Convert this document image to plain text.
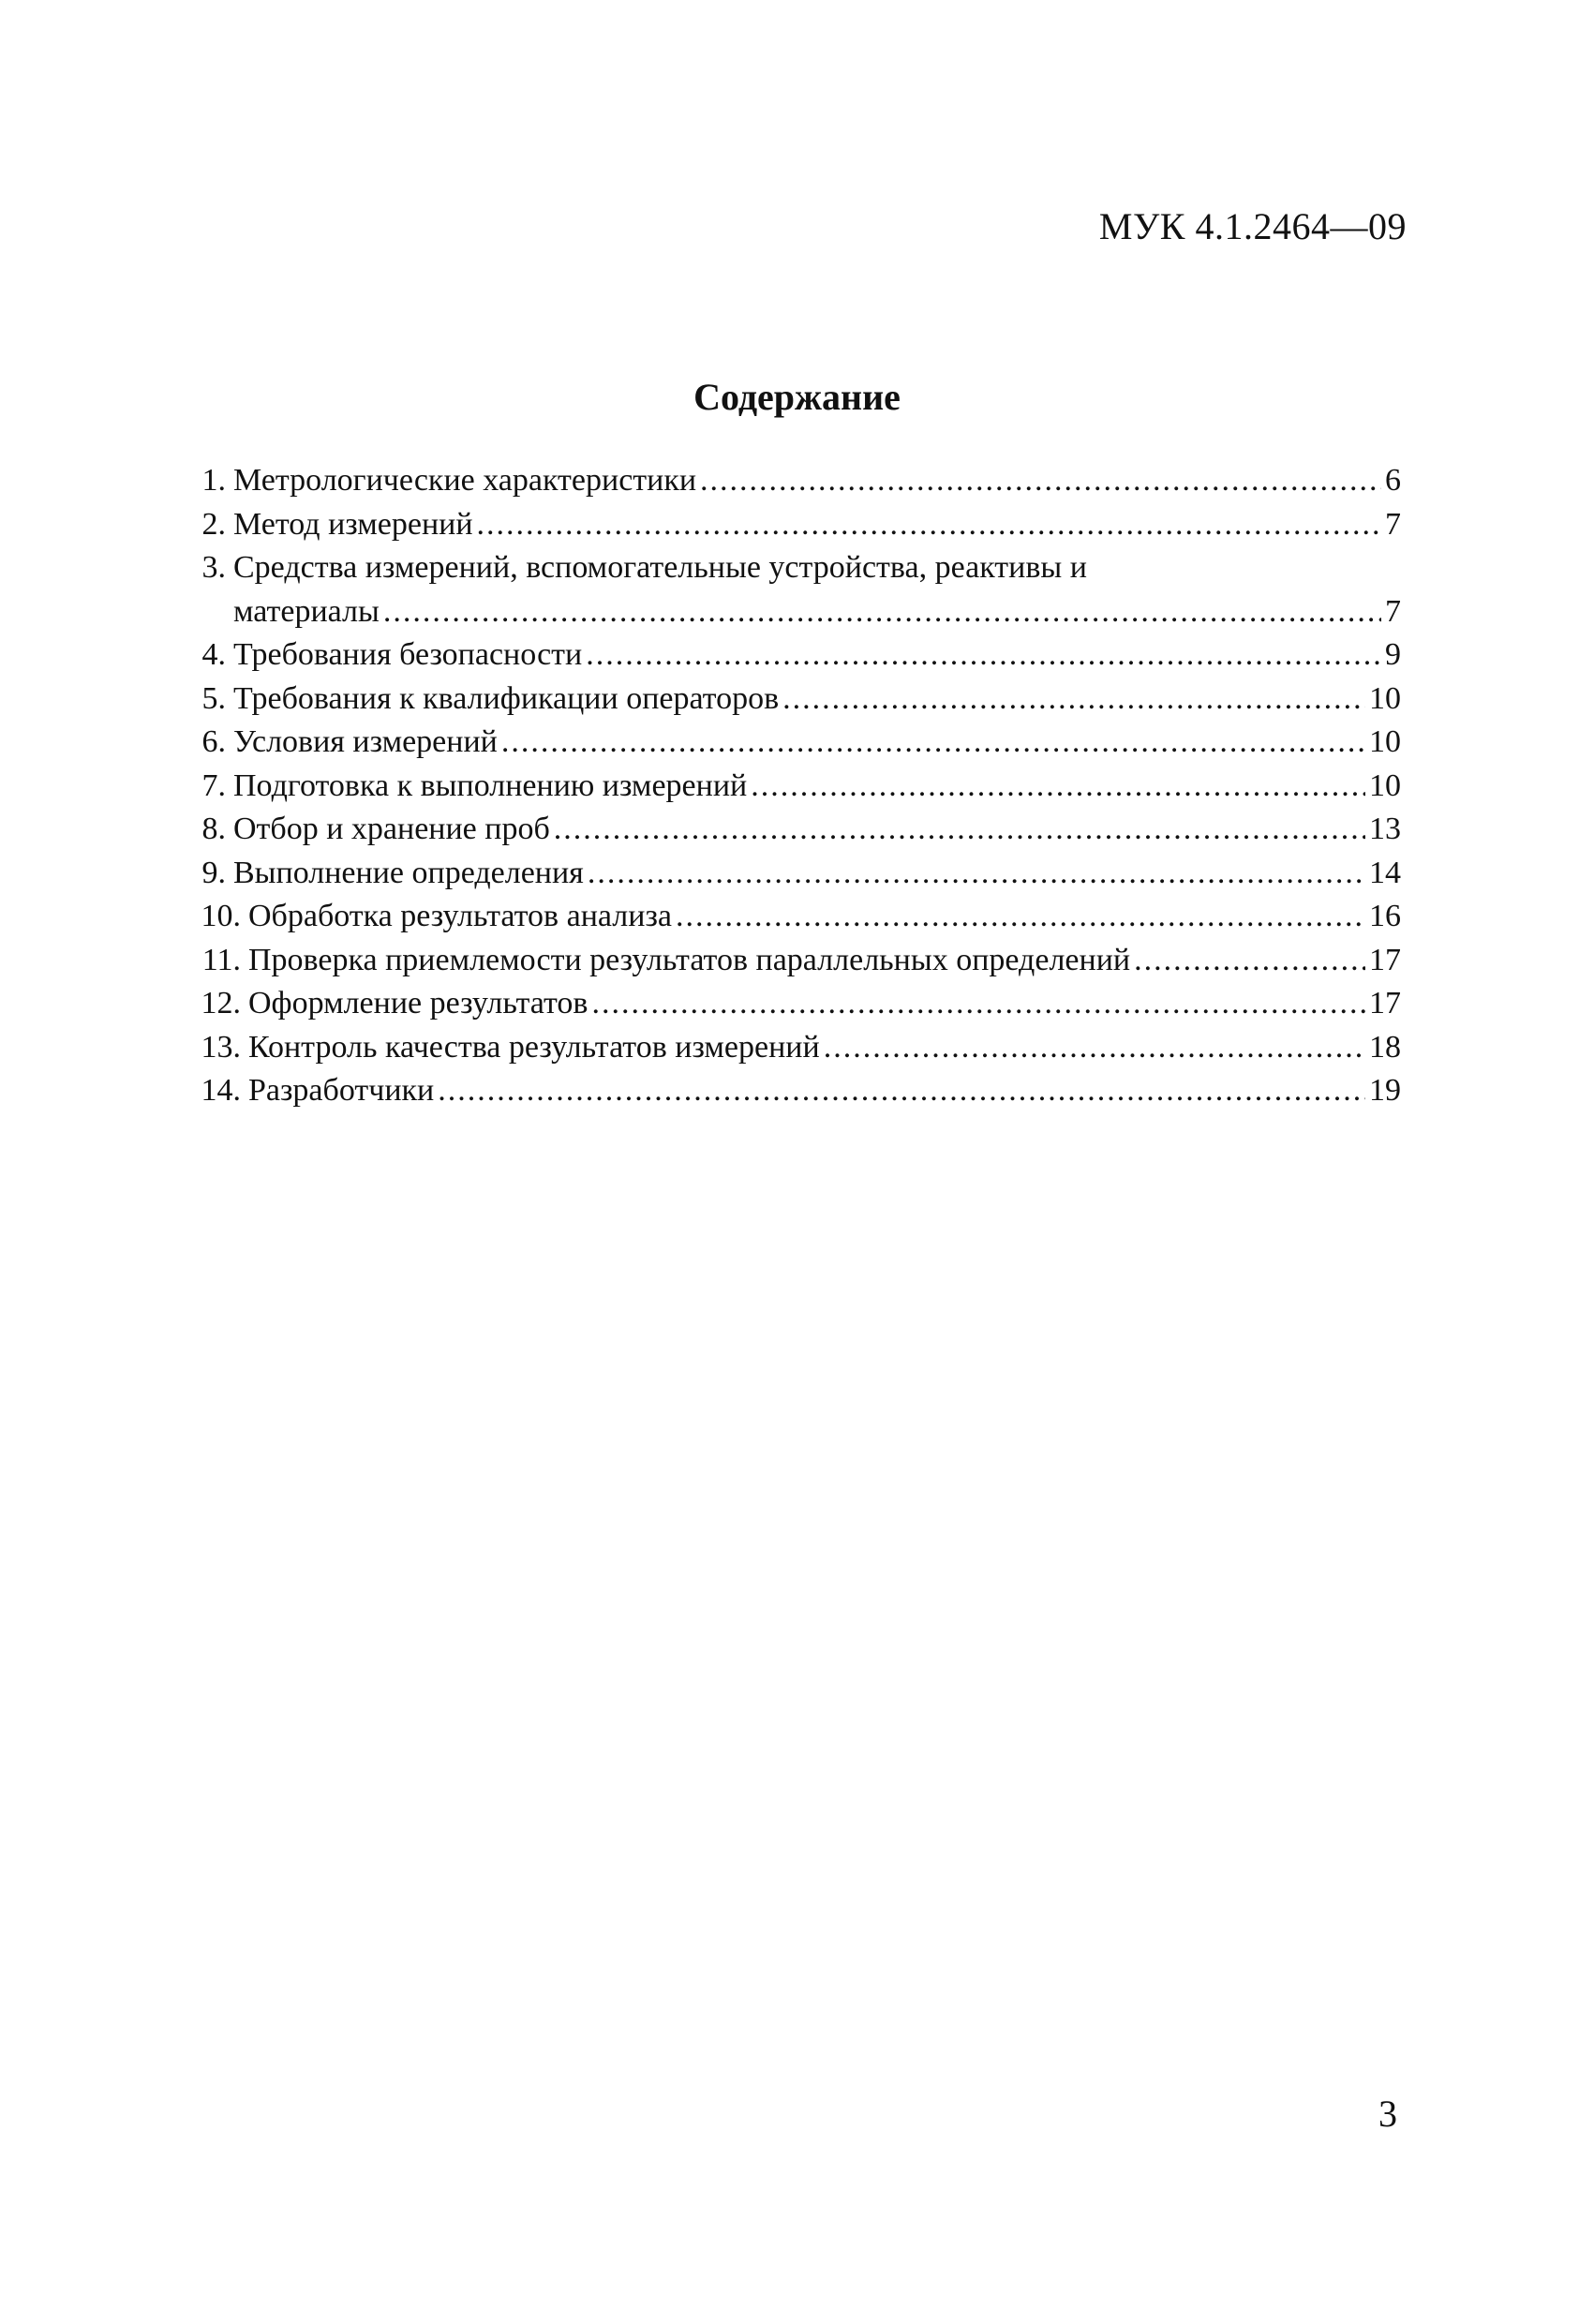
МУК 4.1.2464—09
Содержание
1. Метрологические характеристики .....	6
2. Метод измерений .....	7
3. Средства измерений, вспомогательные устройства, реактивы и
материалы .....	7
4. Требования безопасности .....	9
5. Требования к квалификации операторов .....	10
6. Условия измерений .....	10
7. Подготовка к выполнению измерений .....	10
8. Отбор и хранение проб .....	13
9. Выполнение определения .....	14
10. Обработка результатов анализа .....	16
11. Проверка приемлемости результатов параллельных определений .....	17
12. Оформление результатов .....	17
13. Контроль качества результатов измерений .....	18
14. Разработчики .....	19
3
